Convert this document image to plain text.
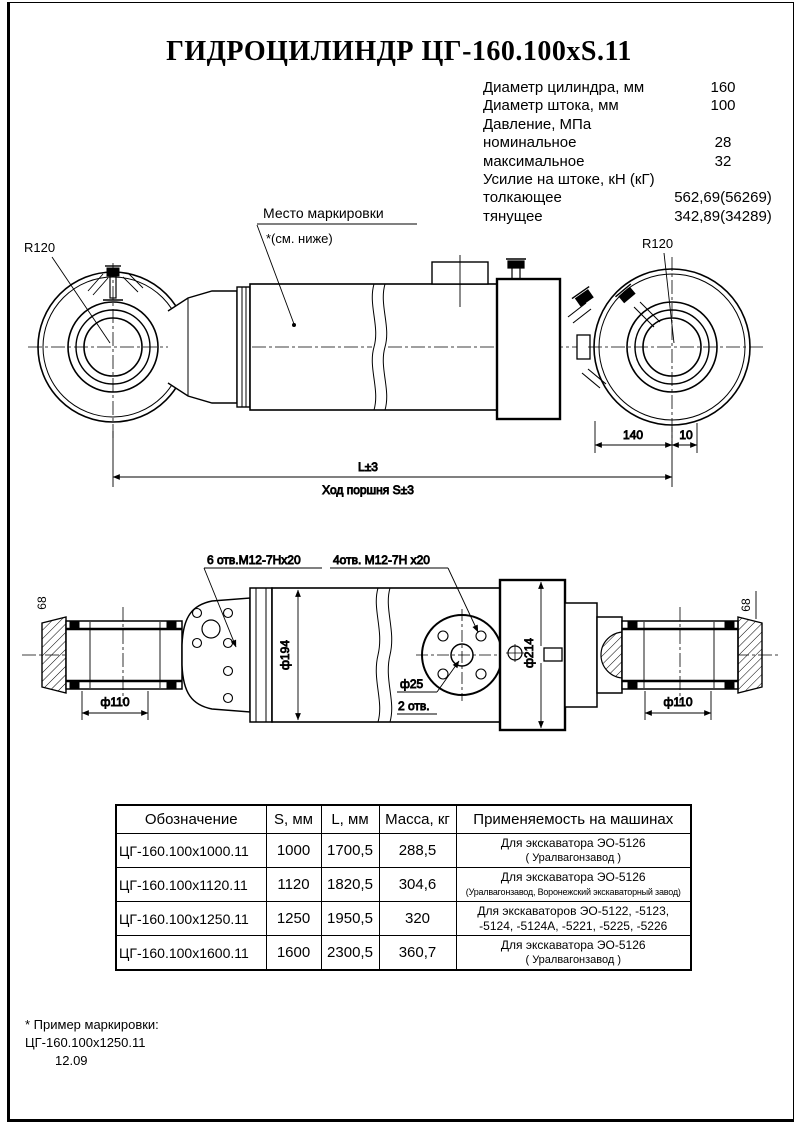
ГИДРОЦИЛИНДР ЦГ-160.100xS.11
Диаметр цилиндра, мм	160
Диаметр штока, мм	100
Давление, МПа
номинальное	28
максимальное	32
Усилие на штоке, кН (кГ)
толкающее	562,69(56269)
тянущее	342,89(34289)
R120	R120
140	10
L±3
Ход поршня S±3
Место маркировки
*(см. ниже)
68
ф110
ф194
ф25
2 отв.
ф214
68
ф110
6 отв.M12-7Hx20	4отв. M12-7H x20
Обозначение	S, мм	L, мм	Масса, кг	Применяемость на машинах
ЦГ-160.100x1000.11	1000	1700,5	288,5	Для экскаватора ЭО-5126
( Уралвагонзавод )

ЦГ-160.100x1120.11	1120	1820,5	304,6	Для экскаватора ЭО-5126
(Уралвагонзавод, Воронежский экскаваторный завод)

ЦГ-160.100x1250.11	1250	1950,5	320	Для экскаваторов ЭО-5122, -5123,
-5124, -5124А, -5221, -5225, -5226

ЦГ-160.100x1600.11	1600	2300,5	360,7	Для экскаватора ЭО-5126
( Уралвагонзавод )
* Пример маркировки:
ЦГ-160.100x1250.11
12.09
